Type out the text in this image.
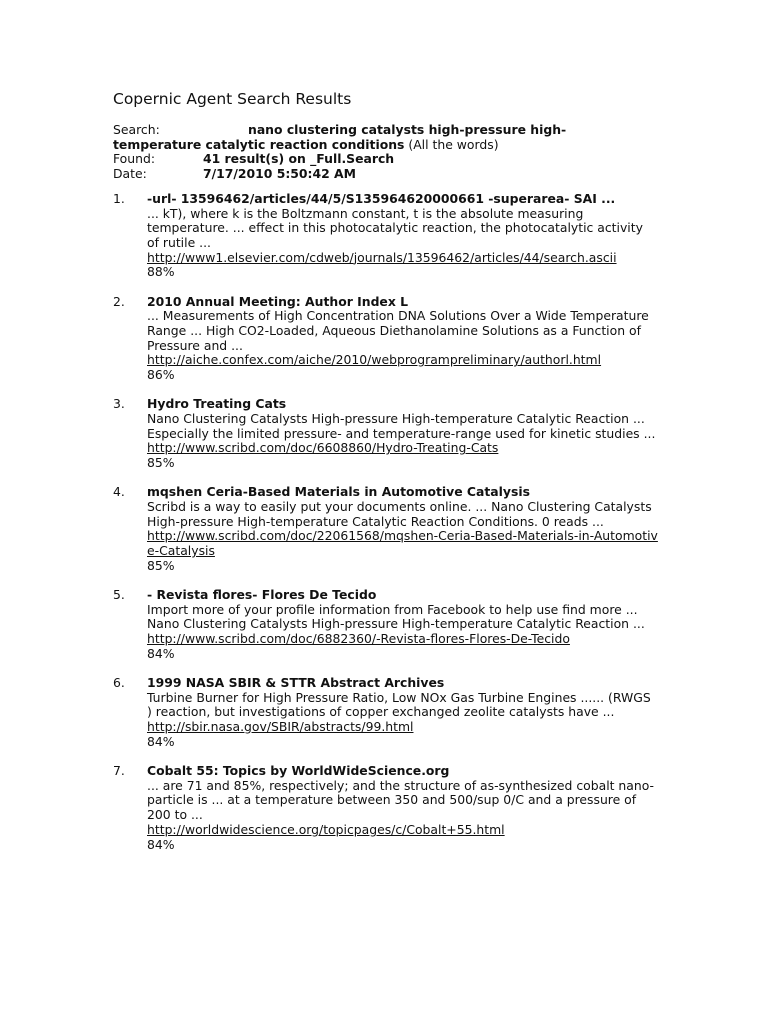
Copernic Agent Search Results
Search:	nano clustering catalysts high-pressure high-
temperature catalytic reaction conditions (All the words)
Found:	41 result(s) on _Full.Search
Date:	7/17/2010 5:50:42 AM
1. -url- 13596462/articles/44/5/S135964620000661 -superarea- SAI ...
... kT), where k is the Boltzmann constant, t is the absolute measuring temperature. ... effect in this photocatalytic reaction, the photocatalytic activity of rutile ...
http://www1.elsevier.com/cdweb/journals/13596462/articles/44/search.ascii
88%
2. 2010 Annual Meeting: Author Index L
... Measurements of High Concentration DNA Solutions Over a Wide Temperature Range ... High CO2-Loaded, Aqueous Diethanolamine Solutions as a Function of Pressure and ...
http://aiche.confex.com/aiche/2010/webprogrampreliminary/authorl.html
86%
3. Hydro Treating Cats
Nano Clustering Catalysts High-pressure High-temperature Catalytic Reaction ... Especially the limited pressure- and temperature-range used for kinetic studies ...
http://www.scribd.com/doc/6608860/Hydro-Treating-Cats
85%
4. mqshen Ceria-Based Materials in Automotive Catalysis
Scribd is a way to easily put your documents online. ... Nano Clustering Catalysts High-pressure High-temperature Catalytic Reaction Conditions. 0 reads ...
http://www.scribd.com/doc/22061568/mqshen-Ceria-Based-Materials-in-Automotive-Catalysis
85%
5. - Revista flores- Flores De Tecido
Import more of your profile information from Facebook to help use find more ... Nano Clustering Catalysts High-pressure High-temperature Catalytic Reaction ...
http://www.scribd.com/doc/6882360/-Revista-flores-Flores-De-Tecido
84%
6. 1999 NASA SBIR & STTR Abstract Archives
Turbine Burner for High Pressure Ratio, Low NOx Gas Turbine Engines ...... (RWGS ) reaction, but investigations of copper exchanged zeolite catalysts have ...
http://sbir.nasa.gov/SBIR/abstracts/99.html
84%
7. Cobalt 55: Topics by WorldWideScience.org
... are 71 and 85%, respectively; and the structure of as-synthesized cobalt nano-particle is ... at a temperature between 350 and 500/sup 0/C and a pressure of 200 to ...
http://worldwidescience.org/topicpages/c/Cobalt+55.html
84%
